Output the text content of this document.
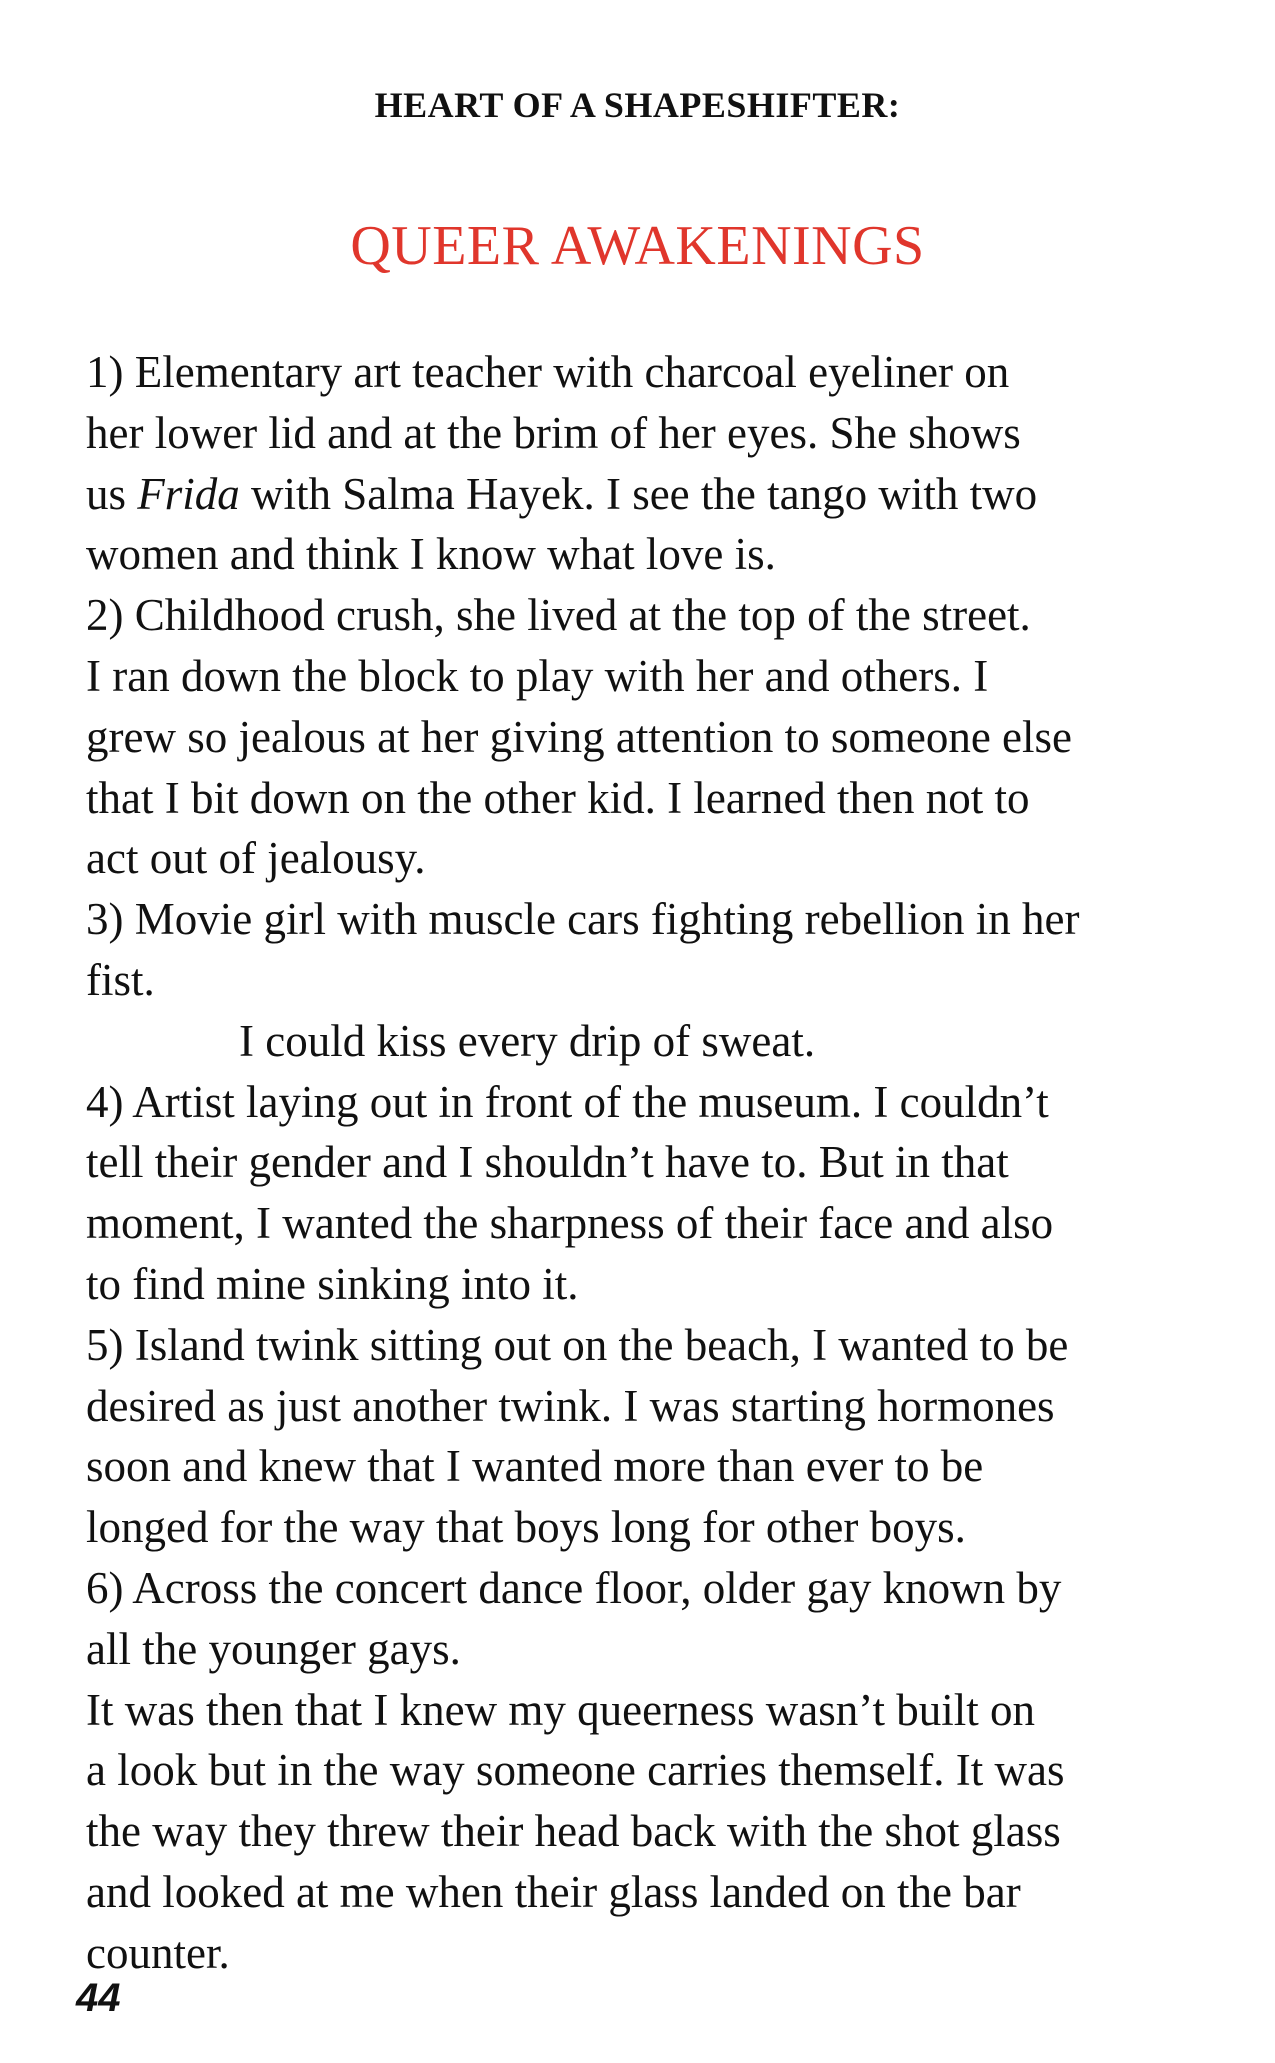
HEART OF A SHAPESHIFTER:
QUEER AWAKENINGS
1) Elementary art teacher with charcoal eyeliner on
her lower lid and at the brim of her eyes. She shows
us Frida with Salma Hayek. I see the tango with two
women and think I know what love is.
2) Childhood crush, she lived at the top of the street.
I ran down the block to play with her and others. I
grew so jealous at her giving attention to someone else
that I bit down on the other kid. I learned then not to
act out of jealousy.
3) Movie girl with muscle cars fighting rebellion in her
fist.
I could kiss every drip of sweat.
4) Artist laying out in front of the museum. I couldn’t
tell their gender and I shouldn’t have to. But in that
moment, I wanted the sharpness of their face and also
to find mine sinking into it.
5) Island twink sitting out on the beach, I wanted to be
desired as just another twink. I was starting hormones
soon and knew that I wanted more than ever to be
longed for the way that boys long for other boys.
6) Across the concert dance floor, older gay known by
all the younger gays.
It was then that I knew my queerness wasn’t built on
a look but in the way someone carries themself. It was
the way they threw their head back with the shot glass
and looked at me when their glass landed on the bar
counter.
44
